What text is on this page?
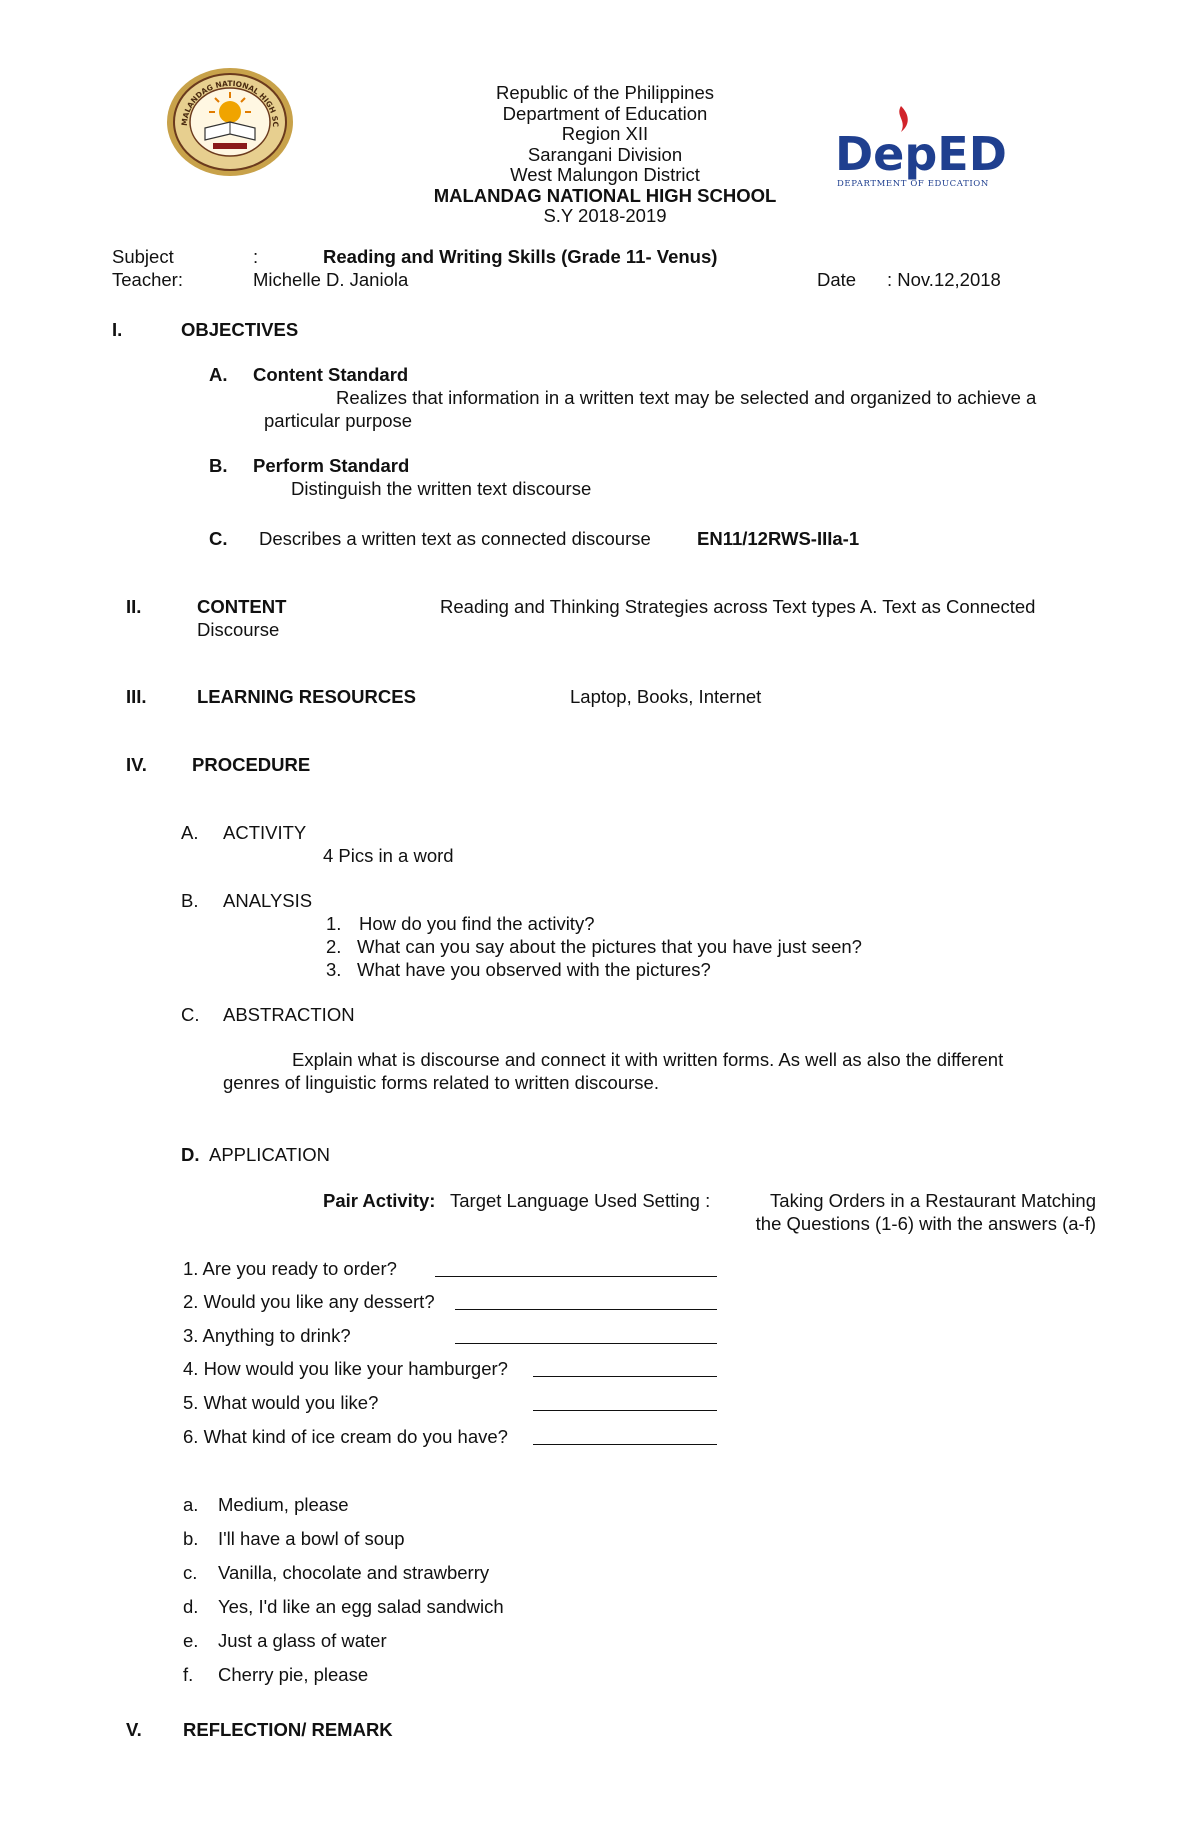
MALANDAG NATIONAL HIGH SC
Republic of the Philippines
Department of Education
Region XII
Sarangani Division
West Malungon District
MALANDAG NATIONAL HIGH SCHOOL
S.Y 2018-2019
DepED
DEPARTMENT OF EDUCATION
Subject	:	Reading and Writing Skills (Grade 11- Venus)
Teacher:	Michelle D. Janiola	Date : Nov.12,2018
I.	OBJECTIVES
A. Content Standard
Realizes that information in a written text may be selected and organized to achieve a
particular purpose
B. Perform Standard
Distinguish the written text discourse
C. Describes a written text as connected discourse EN11/12RWS-IIIa-1
II.	CONTENT	Reading and Thinking Strategies across Text types A. Text as Connected
Discourse
III.	LEARNING RESOURCES	Laptop, Books, Internet
IV. PROCEDURE
A. ACTIVITY
4 Pics in a word
B. ANALYSIS
1. How do you find the activity?
2. What can you say about the pictures that you have just seen?
3. What have you observed with the pictures?
C. ABSTRACTION
Explain what is discourse and connect it with written forms. As well as also the different
genres of linguistic forms related to written discourse.
D. APPLICATION
Pair Activity: Target Language Used Setting :	Taking Orders in a Restaurant Matching
the Questions (1-6) with the answers (a-f)
1. Are you ready to order?
2. Would you like any dessert?
3. Anything to drink?
4. How would you like your hamburger?
5. What would you like?
6. What kind of ice cream do you have?
a.	Medium, please
b.	I'll have a bowl of soup
c.	Vanilla, chocolate and strawberry
d.	Yes, I'd like an egg salad sandwich
e.	Just a glass of water
f.	Cherry pie, please
V. REFLECTION/ REMARK
